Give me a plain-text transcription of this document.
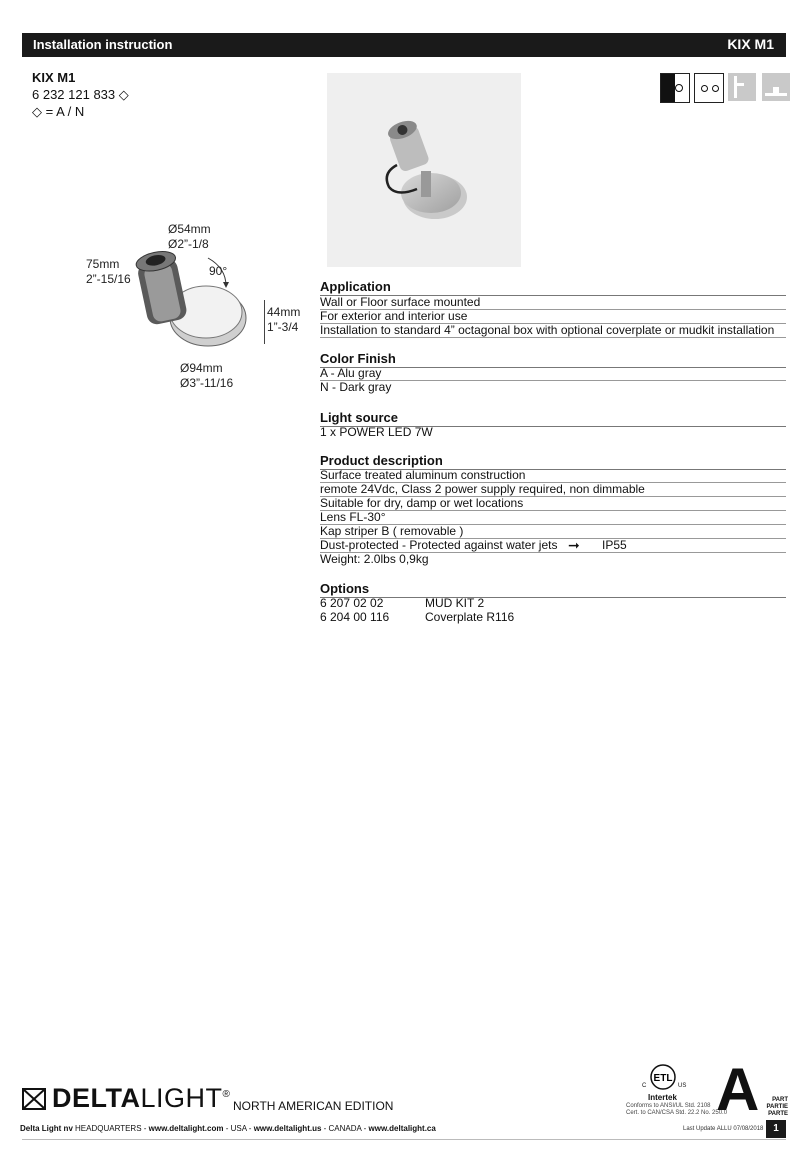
Installation instruction	KIX M1
KIX M1
6 232 121 833 ◇
◇ = A / N
Ø54mm
Ø2”-1/8
75mm
2”-15/16
90°
44mm
1”-3/4
Ø94mm
Ø3”-11/16
Application
Wall or Floor surface mounted
For exterior and interior use
Installation to standard 4” octagonal box with optional coverplate or mudkit installation
Color Finish
A - Alu gray
N - Dark gray
Light source
1 x POWER LED 7W
Product description
Surface treated aluminum construction
remote 24Vdc, Class 2 power supply required, non dimmable
Suitable for dry, damp or wet locations
Lens FL-30°
Kap striper B ( removable )
Dust-protected - Protected against water jets ➞ IP55
Weight: 2.0lbs 0,9kg
Options
6 207 02 02	MUD KIT 2
6 204 00 116	Coverplate R116
DELTALIGHT®
NORTH AMERICAN EDITION
ETL
C	US
Intertek
Conforms to ANSI/UL Std. 2108
Cert. to CAN/CSA Std. 22.2 No. 250.0
A	PART
PARTIE
PARTE
Delta Light nv HEADQUARTERS - www.deltalight.com - USA - www.deltalight.us - CANADA - www.deltalight.ca	Last Update ALLU 07/08/2018 1
